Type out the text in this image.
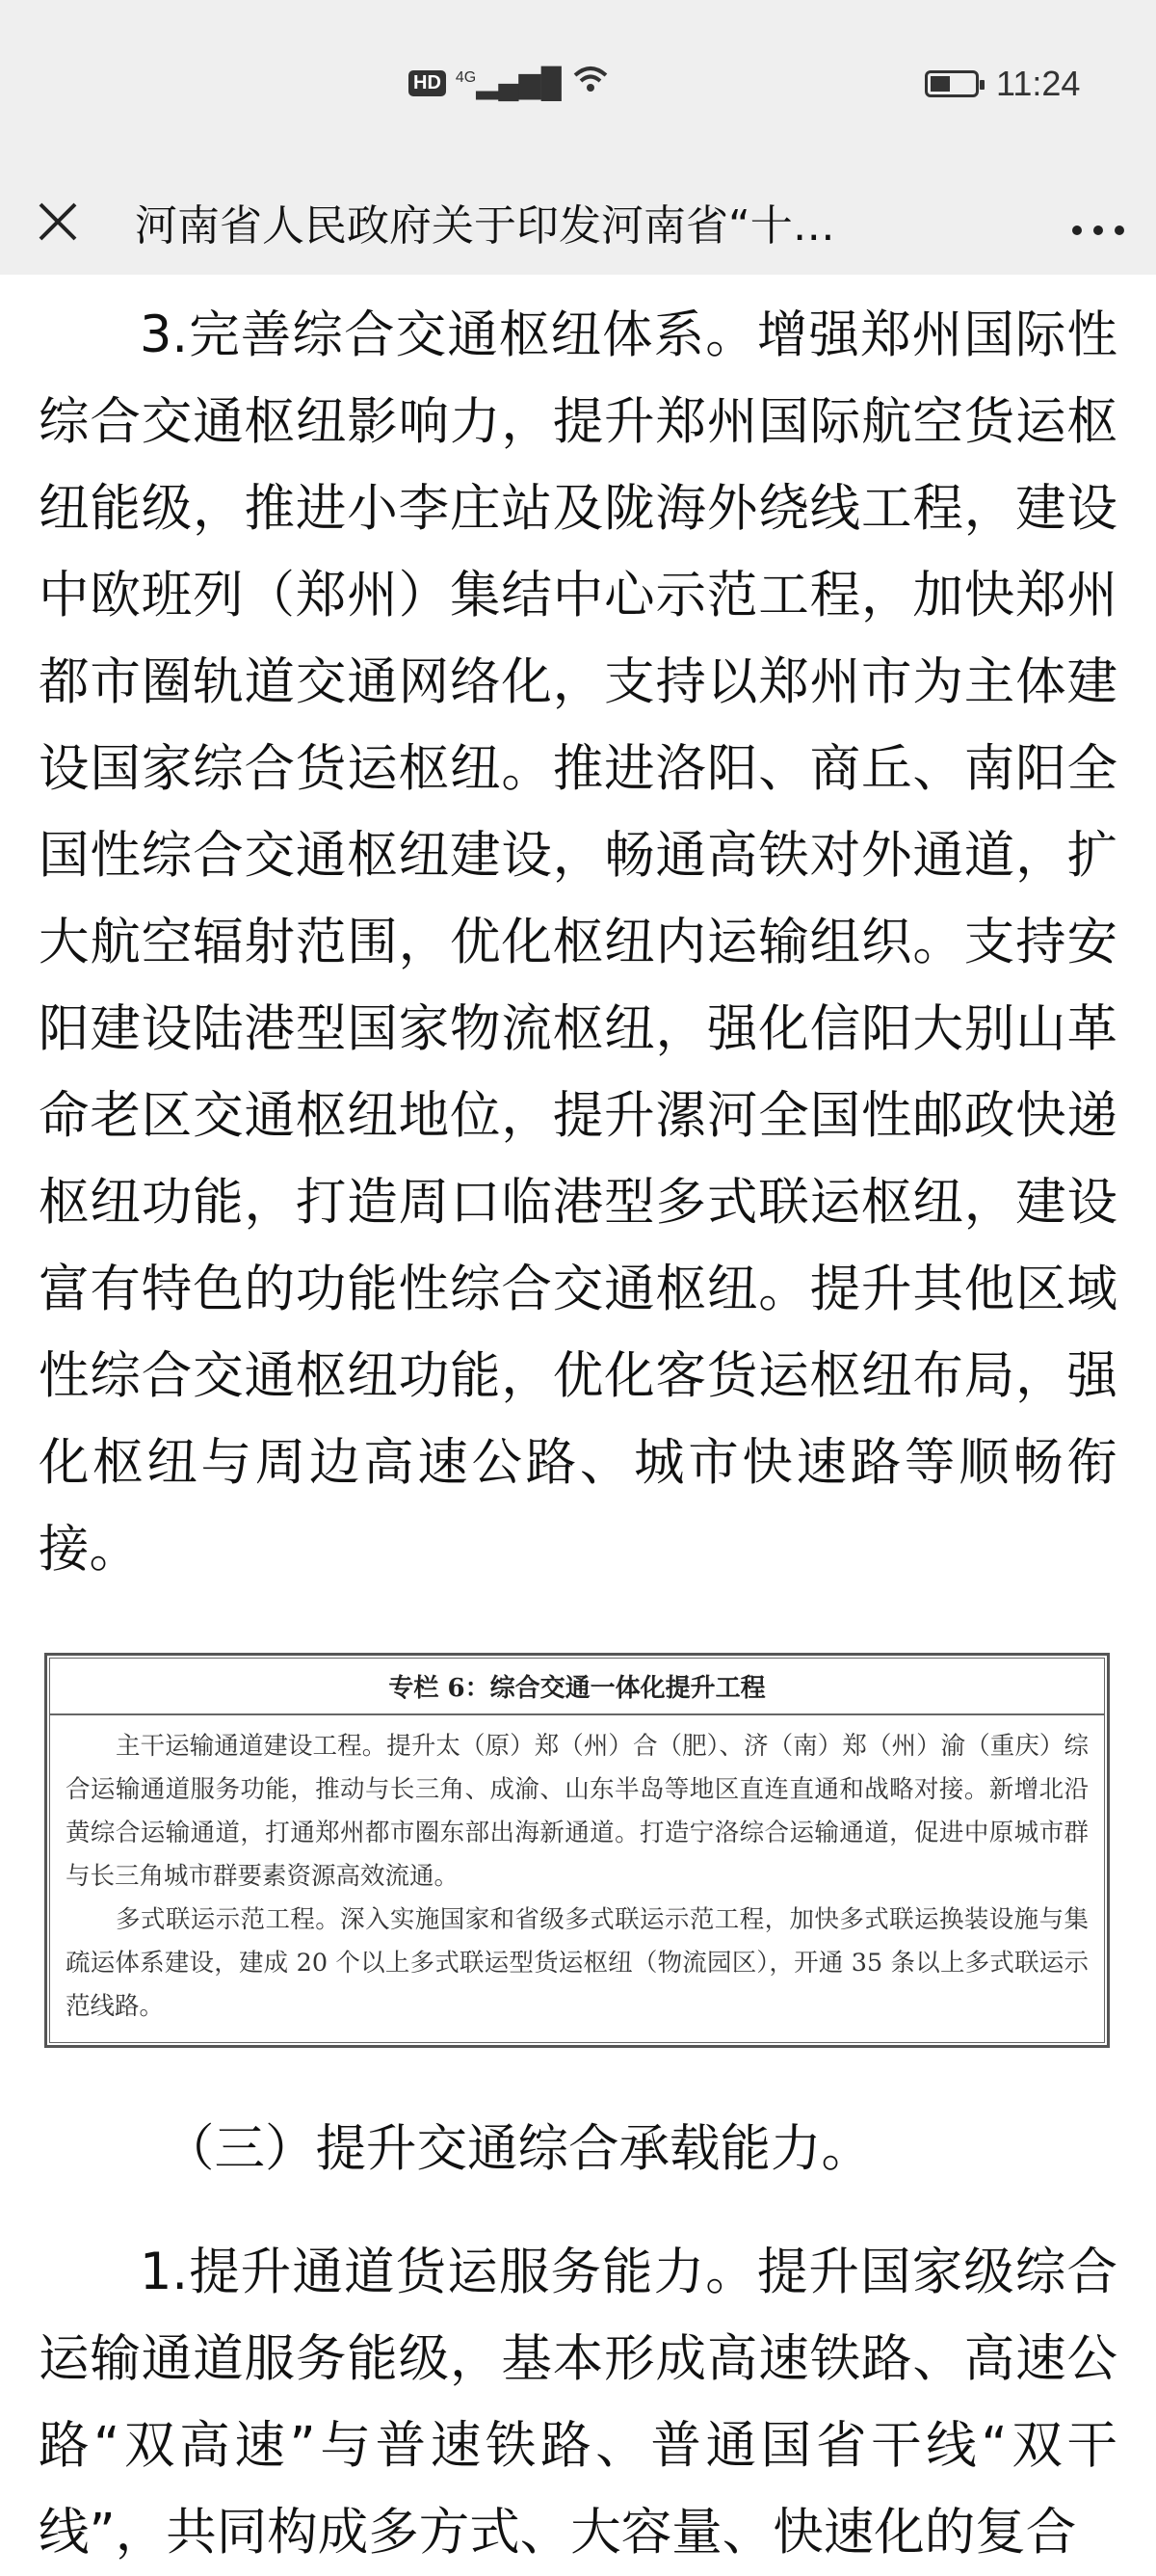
HD $^{4G}$▂▄▆█	11:24
河南省人民政府关于印发河南省“十…

3.完善综合交通枢纽体系。增强郑州国际性综合交通枢纽影响力，提升郑州国际航空货运枢纽能级，推进小李庄站及陇海外绕线工程，建设中欧班列（郑州）集结中心示范工程，加快郑州都市圈轨道交通网络化，支持以郑州市为主体建设国家综合货运枢纽。推进洛阳、商丘、南阳全国性综合交通枢纽建设，畅通高铁对外通道，扩大航空辐射范围，优化枢纽内运输组织。支持安阳建设陆港型国家物流枢纽，强化信阳大别山革命老区交通枢纽地位，提升漯河全国性邮政快递枢纽功能，打造周口临港型多式联运枢纽，建设富有特色的功能性综合交通枢纽。提升其他区域性综合交通枢纽功能，优化客货运枢纽布局，强化枢纽与周边高速公路、城市快速路等顺畅衔接。

专栏 6：综合交通一体化提升工程

主干运输通道建设工程。提升太（原）郑（州）合（肥）、济（南）郑（州）渝（重庆）综合运输通道服务功能，推动与长三角、成渝、山东半岛等地区直连直通和战略对接。新增北沿黄综合运输通道，打通郑州都市圈东部出海新通道。打造宁洛综合运输通道，促进中原城市群与长三角城市群要素资源高效流通。

多式联运示范工程。深入实施国家和省级多式联运示范工程，加快多式联运换装设施与集疏运体系建设，建成 20 个以上多式联运型货运枢纽（物流园区），开通 35 条以上多式联运示范线路。

（三）提升交通综合承载能力。

1.提升通道货运服务能力。提升国家级综合运输通道服务能级，基本形成高速铁路、高速公路“双高速”与普速铁路、普通国省干线“双干线”，共同构成多方式、大容量、快速化的复合
